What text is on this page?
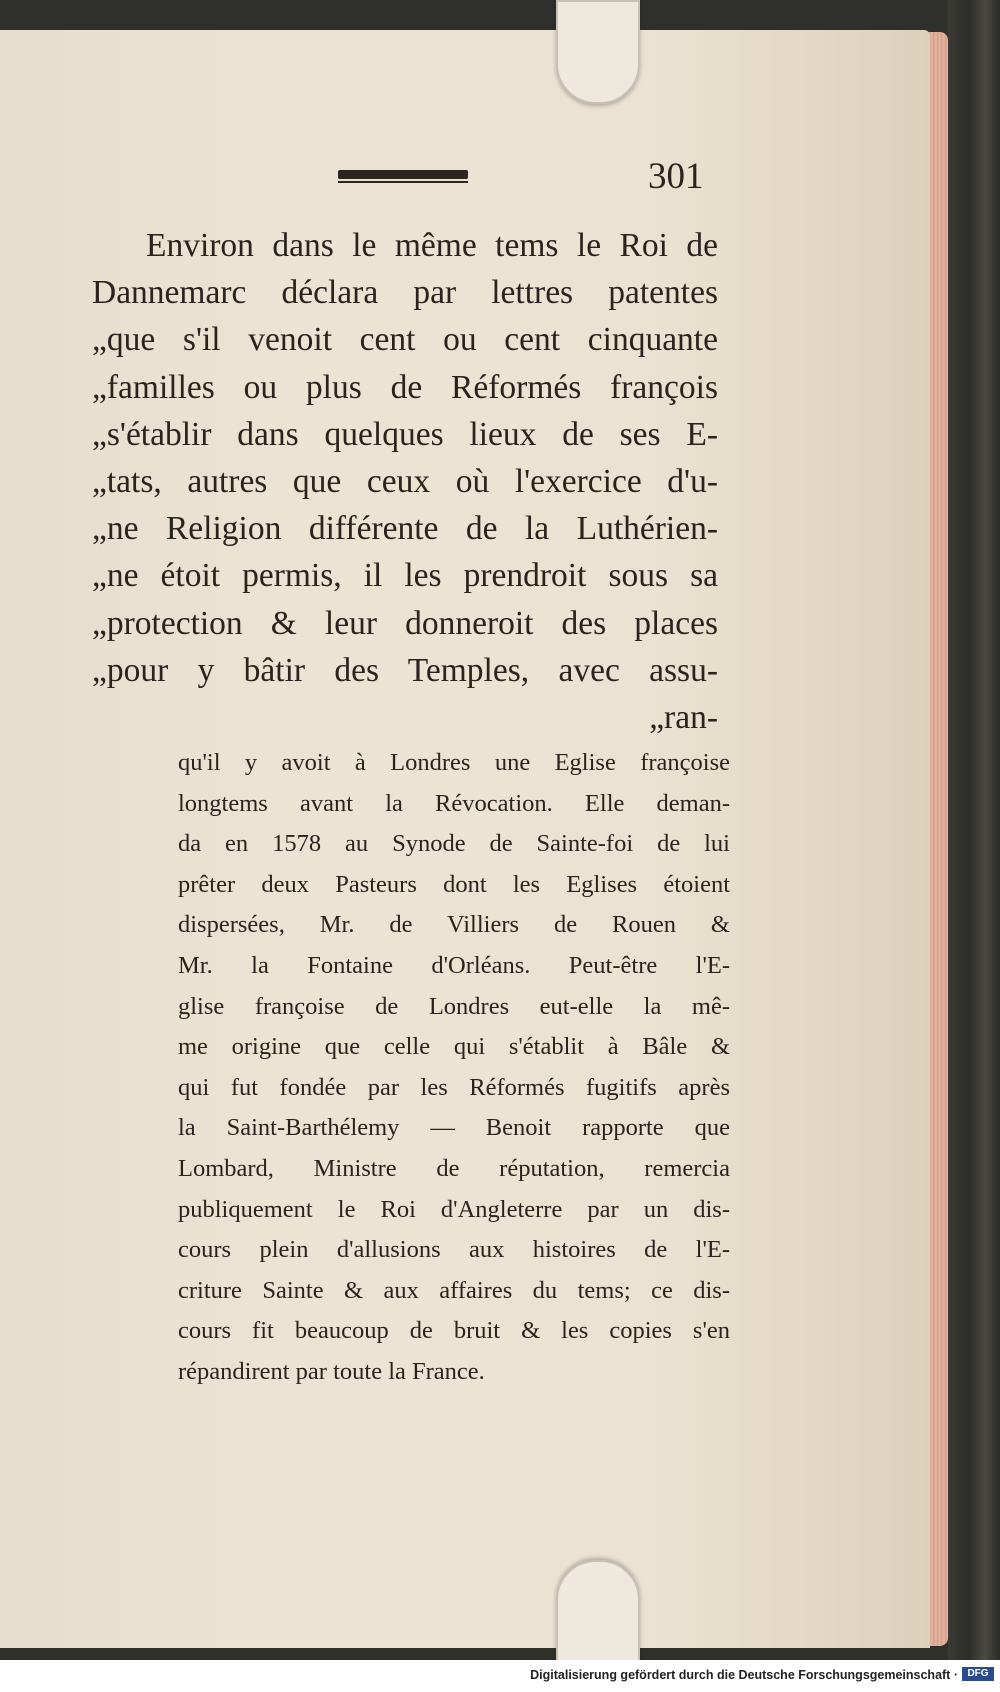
301
Environ dans le même tems le Roi de
Dannemarc déclara par lettres patentes
„que s'il venoit cent ou cent cinquante
„familles ou plus de Réformés françois
„s'établir dans quelques lieux de ses E-
„tats, autres que ceux où l'exercice d'u-
„ne Religion différente de la Luthérien-
„ne étoit permis, il les prendroit sous sa
„protection & leur donneroit des places
„pour y bâtir des Temples, avec assu-
„ran-
qu'il y avoit à Londres une Eglise françoise
longtems avant la Révocation. Elle deman-
da en 1578 au Synode de Sainte-foi de lui
prêter deux Pasteurs dont les Eglises étoient
dispersées, Mr. de Villiers de Rouen &
Mr. la Fontaine d'Orléans. Peut-être l'E-
glise françoise de Londres eut-elle la mê-
me origine que celle qui s'établit à Bâle &
qui fut fondée par les Réformés fugitifs après
la Saint-Barthélemy — Benoit rapporte que
Lombard, Ministre de réputation, remercia
publiquement le Roi d'Angleterre par un dis-
cours plein d'allusions aux histoires de l'E-
criture Sainte & aux affaires du tems; ce dis-
cours fit beaucoup de bruit & les copies s'en
répandirent par toute la France.
Digitalisierung gefördert durch die Deutsche Forschungsgemeinschaft · DFG
